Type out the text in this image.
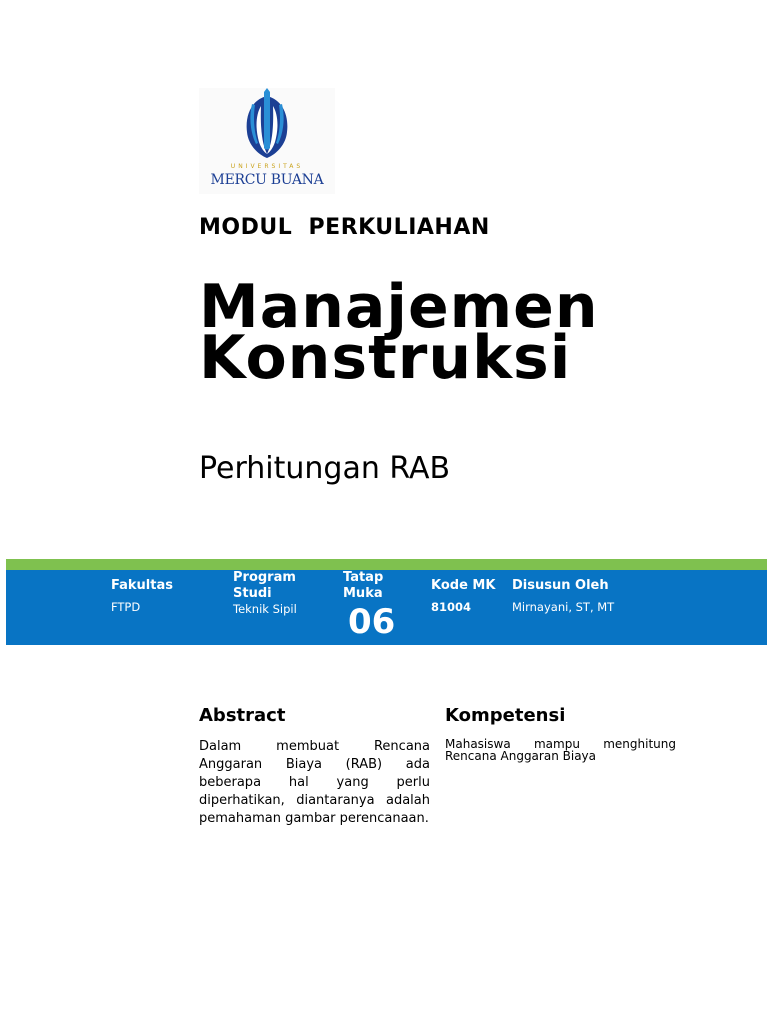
UNIVERSITAS
MERCU BUANA
MODUL  PERKULIAHAN
Manajemen
Konstruksi
Perhitungan RAB
Fakultas
FTPD
Program
Studi
Teknik Sipil
Tatap
Muka
06
Kode MK
81004
Disusun Oleh
Mirnayani, ST, MT
Abstract
Dalam membuat Rencana Anggaran Biaya (RAB) ada beberapa hal yang perlu diperhatikan, diantaranya adalah pemahaman gambar perencanaan.
Kompetensi
Mahasiswa mampu menghitung Rencana Anggaran Biaya
